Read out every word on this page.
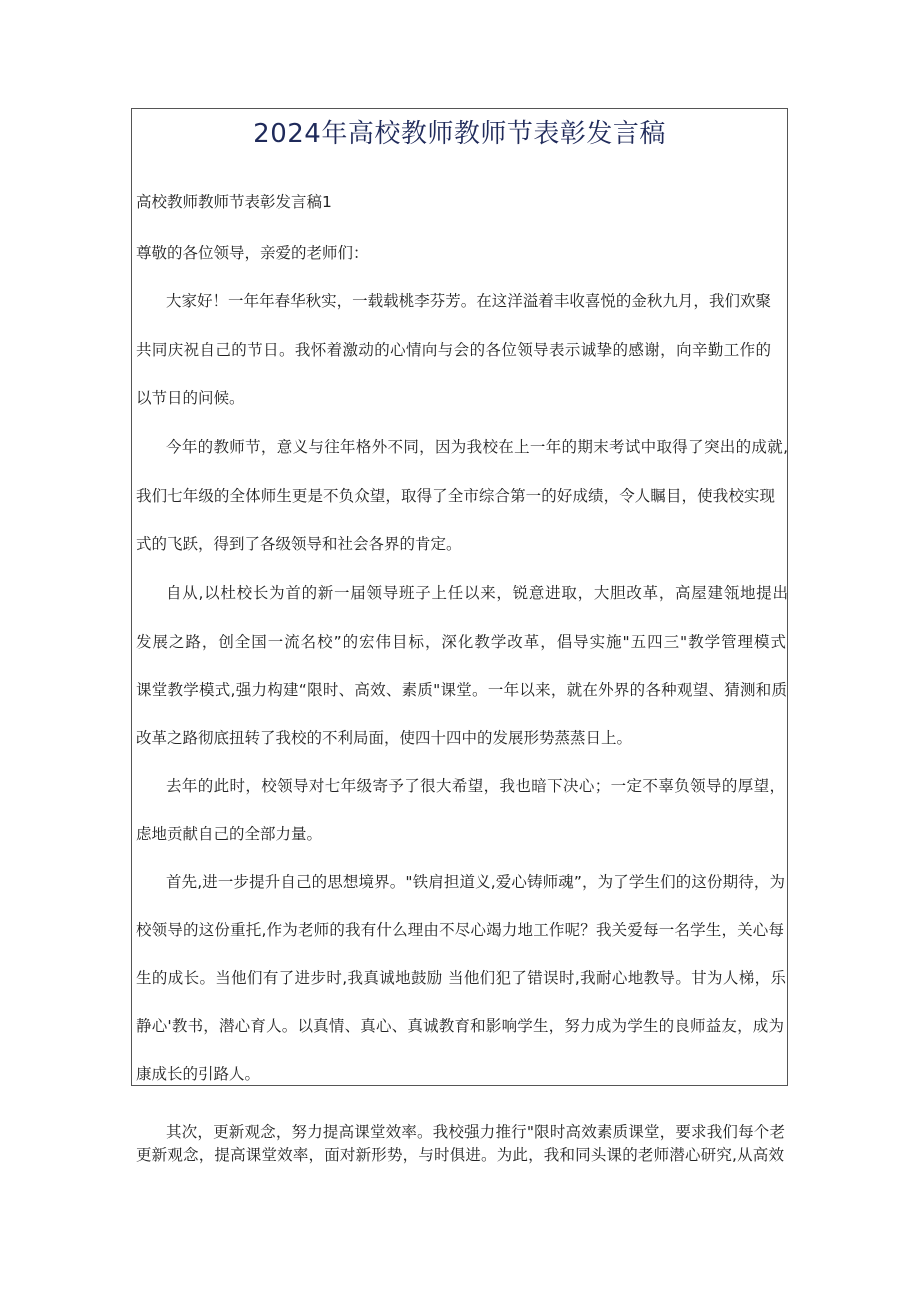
2024年高校教师教师节表彰发言稿
高校教师教师节表彰发言稿1
尊敬的各位领导，亲爱的老师们：
大家好！一年年春华秋实，一载载桃李芬芳。在这洋溢着丰收喜悦的金秋九月，我们欢聚
共同庆祝自己的节日。我怀着激动的心情向与会的各位领导表示诚挚的感谢，向辛勤工作的
以节日的问候。
今年的教师节，意义与往年格外不同，因为我校在上一年的期末考试中取得了突出的成就,
我们七年级的全体师生更是不负众望，取得了全市综合第一的好成绩，令人瞩目，使我校实现
式的飞跃，得到了各级领导和社会各界的肯定。
自从,以杜校长为首的新一届领导班子上任以来，锐意进取，大胆改革，高屋建瓴地提出
发展之路，创全国一流名校”的宏伟目标，深化教学改革，倡导实施"五四三"教学管理模式
课堂教学模式,强力构建“限时、高效、素质"课堂。一年以来，就在外界的各种观望、猜测和质
改革之路彻底扭转了我校的不利局面，使四十四中的发展形势蒸蒸日上。
去年的此时，校领导对七年级寄予了很大希望，我也暗下决心；一定不辜负领导的厚望，
虑地贡献自己的全部力量。
首先,进一步提升自己的思想境界。"铁肩担道义,爱心铸师魂”，为了学生们的这份期待，为
校领导的这份重托,作为老师的我有什么理由不尽心竭力地工作呢？我关爱每一名学生，关心每
生的成长。当他们有了进步时,我真诚地鼓励 当他们犯了错误时,我耐心地教导。甘为人梯，乐
静心'教书，潜心育人。以真情、真心、真诚教育和影响学生，努力成为学生的良师益友，成为
康成长的引路人。
其次，更新观念，努力提高课堂效率。我校强力推行"限时高效素质课堂，要求我们每个老
更新观念，提高课堂效率，面对新形势，与时俱进。为此，我和同头课的老师潜心研究,从高效
